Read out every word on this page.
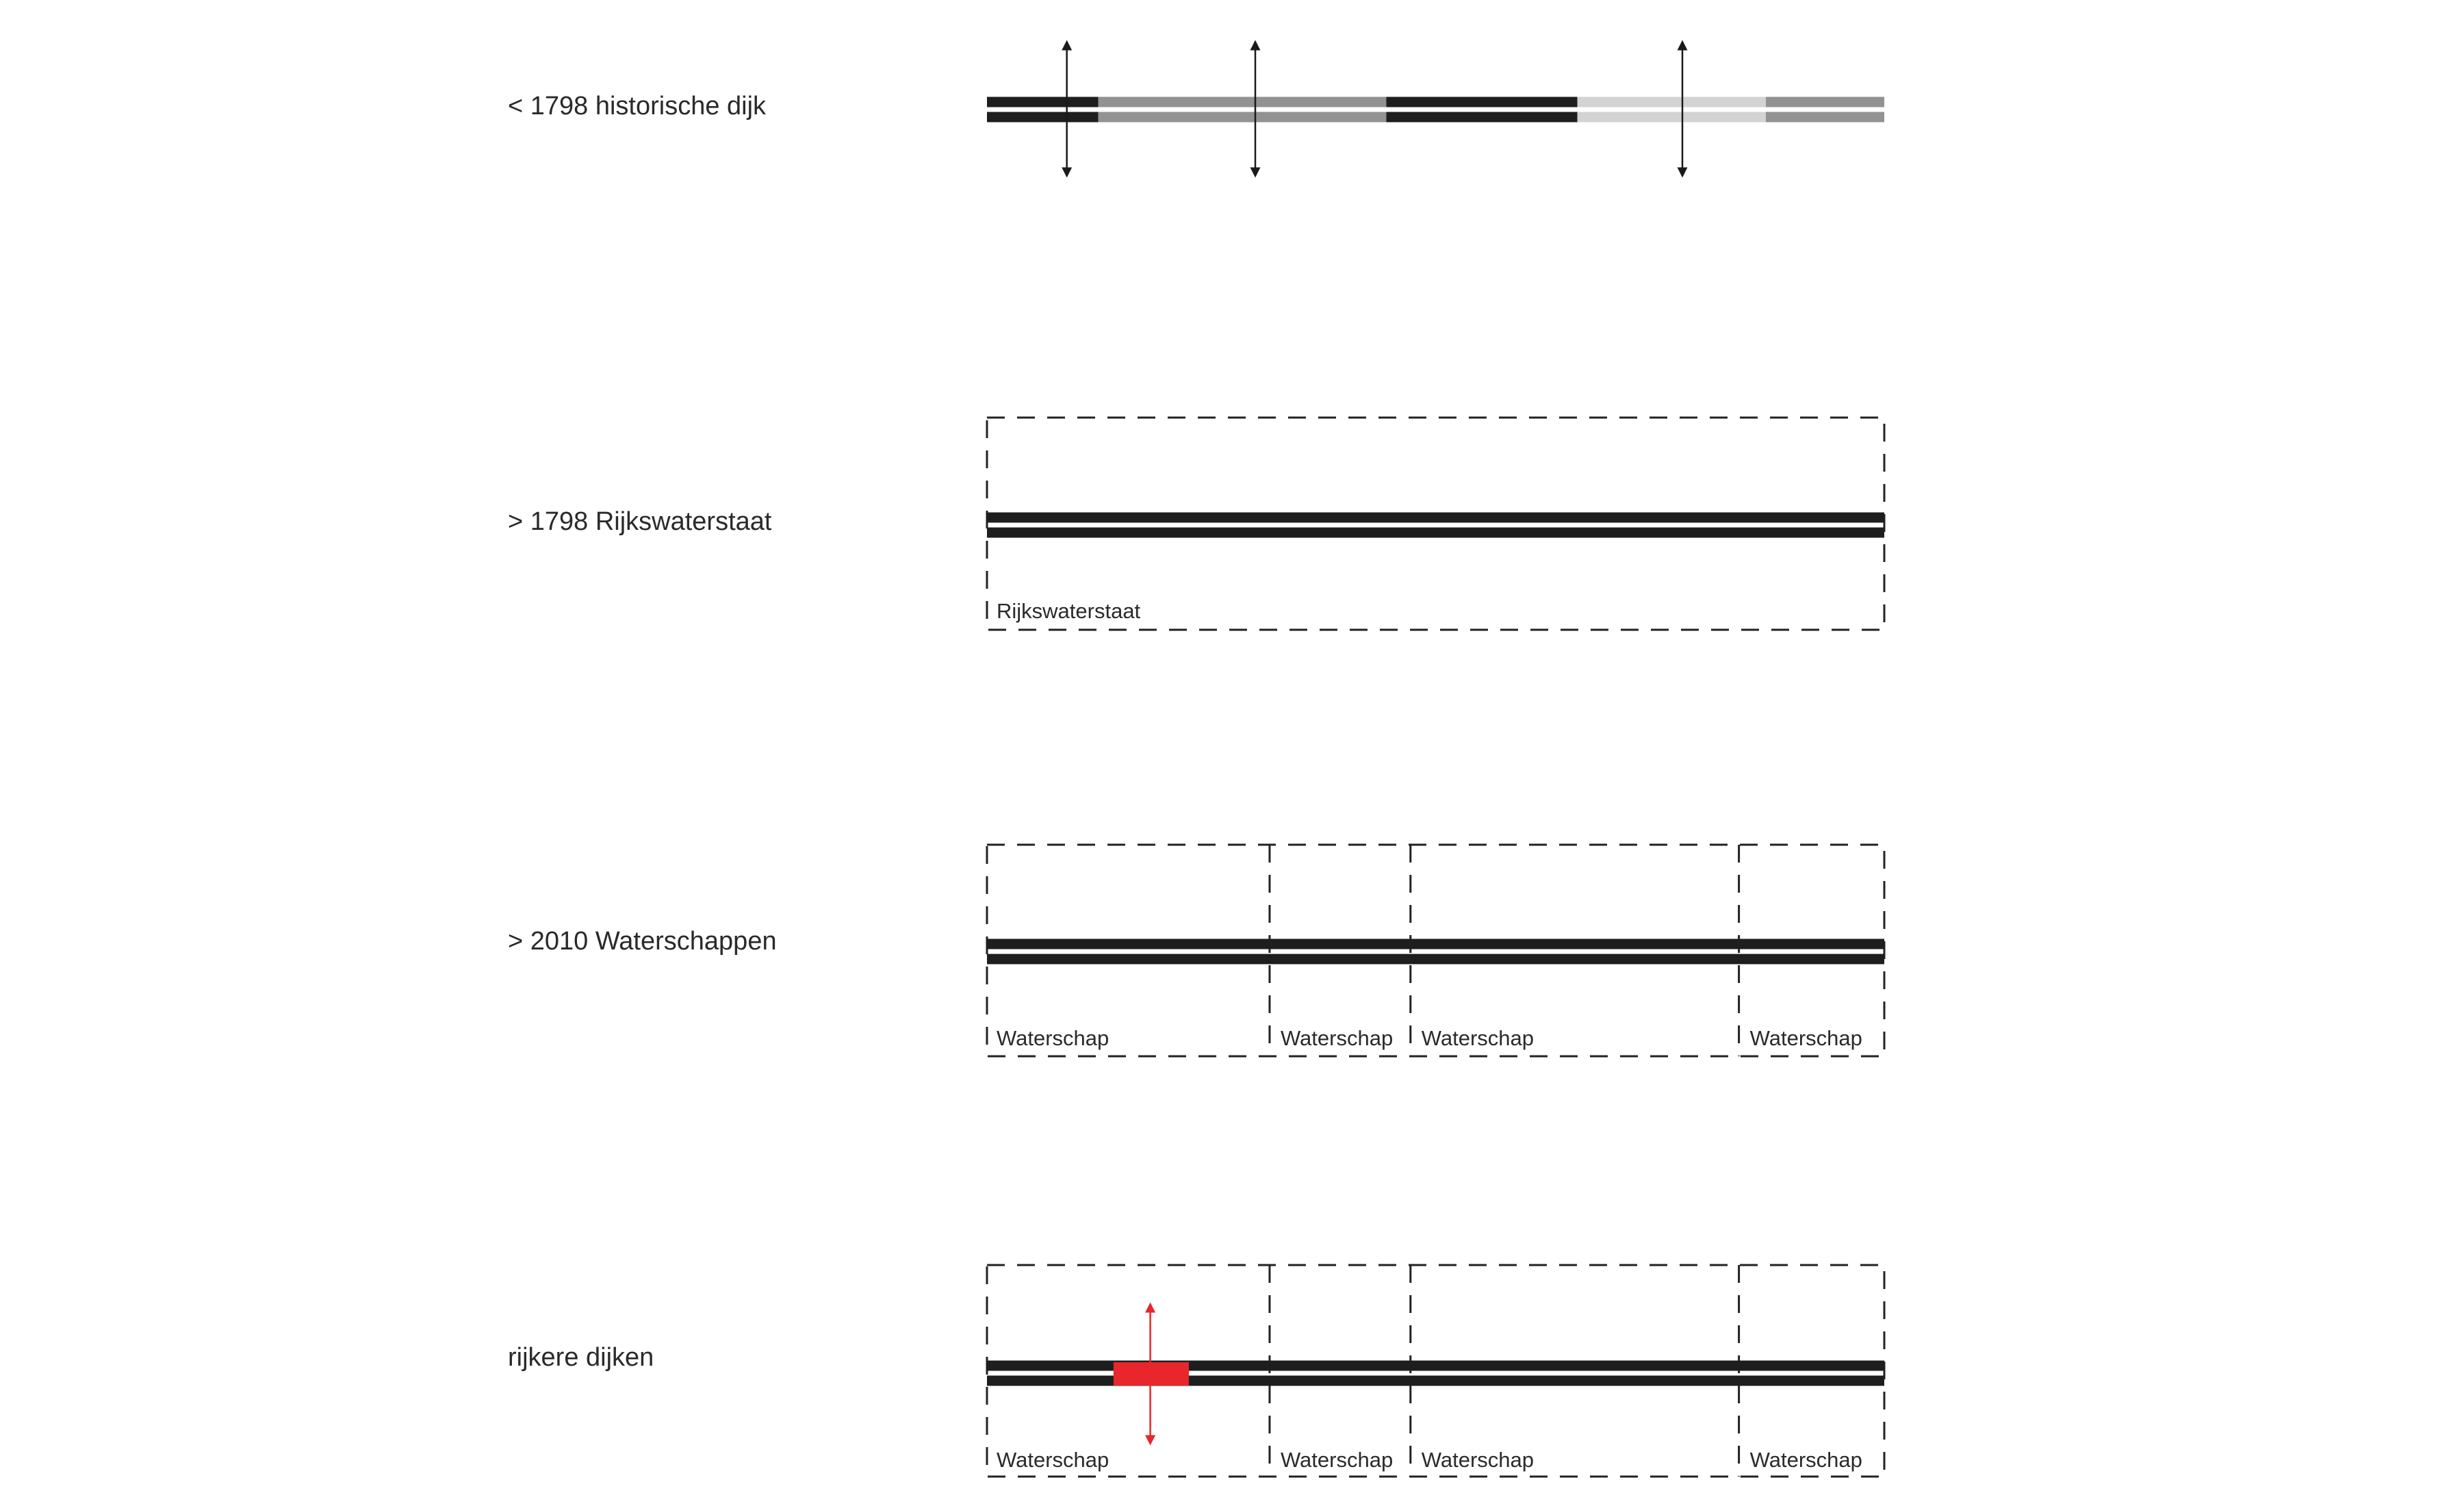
< 1798 historische dijk
> 1798 Rijkswaterstaat
Rijkswaterstaat
> 2010 Waterschappen
Waterschap	Waterschap Waterschap	Waterschap
rijkere dijken
Waterschap	Waterschap Waterschap	Waterschap
